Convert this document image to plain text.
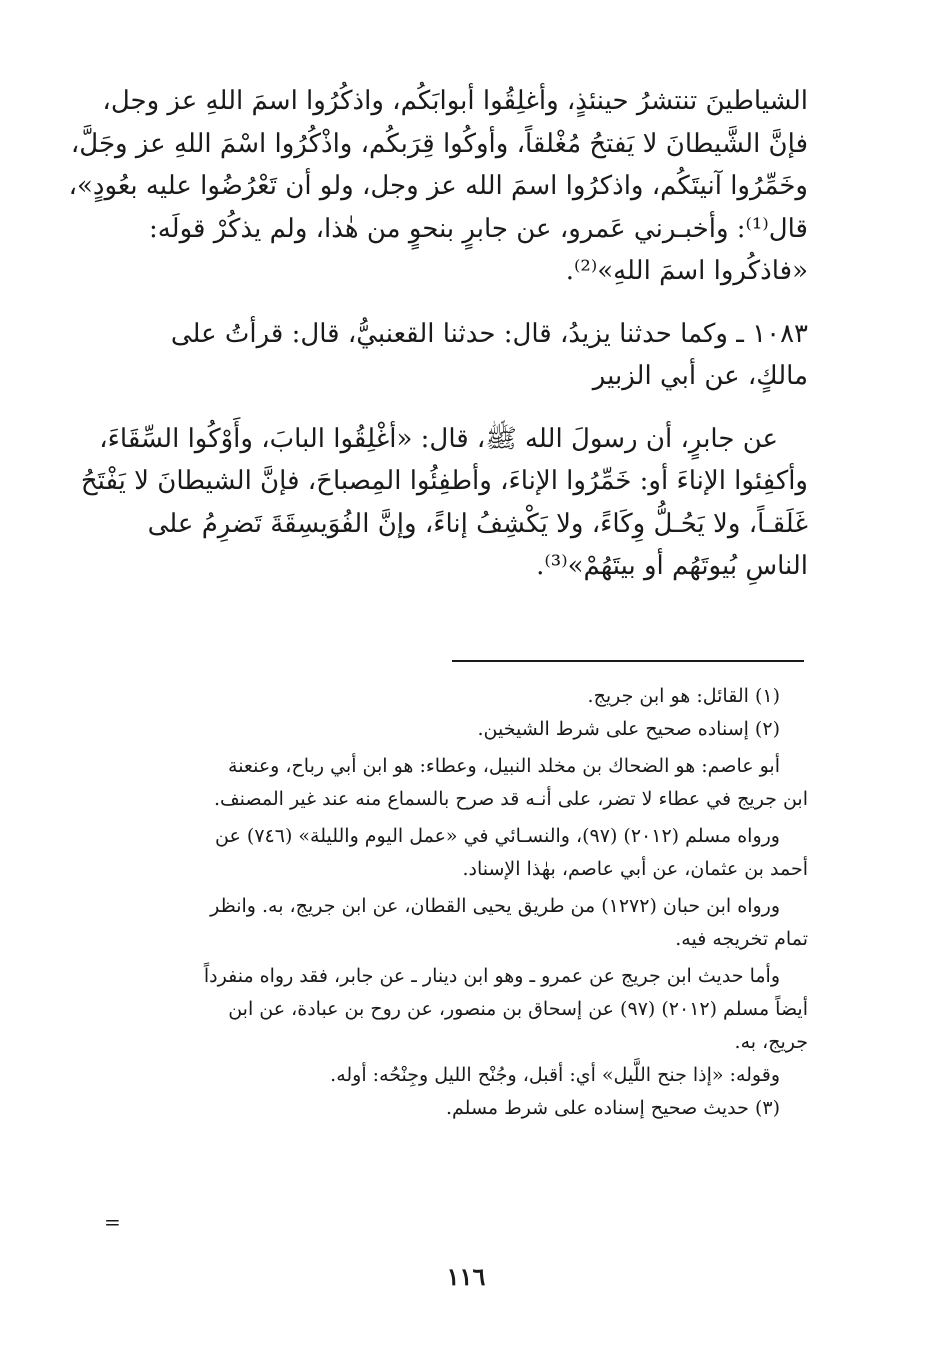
الشياطينَ تنتشرُ حينئذٍ، وأغلِقُوا أبوابَكُم، واذكُرُوا اسمَ اللهِ عز وجل،

فإنَّ الشَّيطانَ لا يَفتحُ مُغْلقاً، وأوكُوا قِرَبكُم، واذْكُرُوا اسْمَ اللهِ عز وجَلَّ،

وخَمِّرُوا آنيتَكُم، واذكرُوا اسمَ الله عز وجل، ولو أن تَعْرُضُوا عليه بعُودٍ»،

قال⁽¹⁾: وأخبـرني عَمرو، عن جابرٍ بنحوٍ من هٰذا، ولم يذكُرْ قولَه:

«فاذكُروا اسمَ اللهِ»⁽²⁾.

١٠٨٣ ـ وكما حدثنا يزيدُ، قال: حدثنا القعنبيُّ، قال: قرأتُ على

مالكٍ، عن أبي الزبير

عن جابرٍ، أن رسولَ الله ﷺ، قال: «أغْلِقُوا البابَ، وأَوْكُوا السِّقَاءَ،

وأكفِئوا الإناءَ أو: خَمِّرُوا الإناءَ، وأطفِئُوا المِصباحَ، فإنَّ الشيطانَ لا يَفْتَحُ

غَلَقـاً، ولا يَحُـلُّ وِكَاءً، ولا يَكْشِفُ إناءً، وإنَّ الفُوَيسِقَةَ تَضرِمُ على

الناسِ بُيوتَهُم أو بيتَهُمْ»⁽³⁾.

(١) القائل: هو ابن جريج.

(٢) إسناده صحيح على شرط الشيخين.

أبو عاصم: هو الضحاك بن مخلد النبيل، وعطاء: هو ابن أبي رباح، وعنعنة

ابن جريج في عطاء لا تضر، على أنـه قد صرح بالسماع منه عند غير المصنف.

ورواه مسلم (٢٠١٢) (٩٧)، والنسـائي في «عمل اليوم والليلة» (٧٤٦) عن

أحمد بن عثمان، عن أبي عاصم، بهٰذا الإسناد.

ورواه ابن حبان (١٢٧٢) من طريق يحيى القطان، عن ابن جريج، به. وانظر

تمام تخريجه فيه.

وأما حديث ابن جريج عن عمرو ـ وهو ابن دينار ـ عن جابر، فقد رواه منفرداً

أيضاً مسلم (٢٠١٢) (٩٧) عن إسحاق بن منصور، عن روح بن عبادة، عن ابن

جريج، به.

وقوله: «إذا جنح اللَّيل» أي: أقبل، وجُنْح الليل وجِنْحُه: أوله.

(٣) حديث صحيح إسناده على شرط مسلم.

=
١١٦
